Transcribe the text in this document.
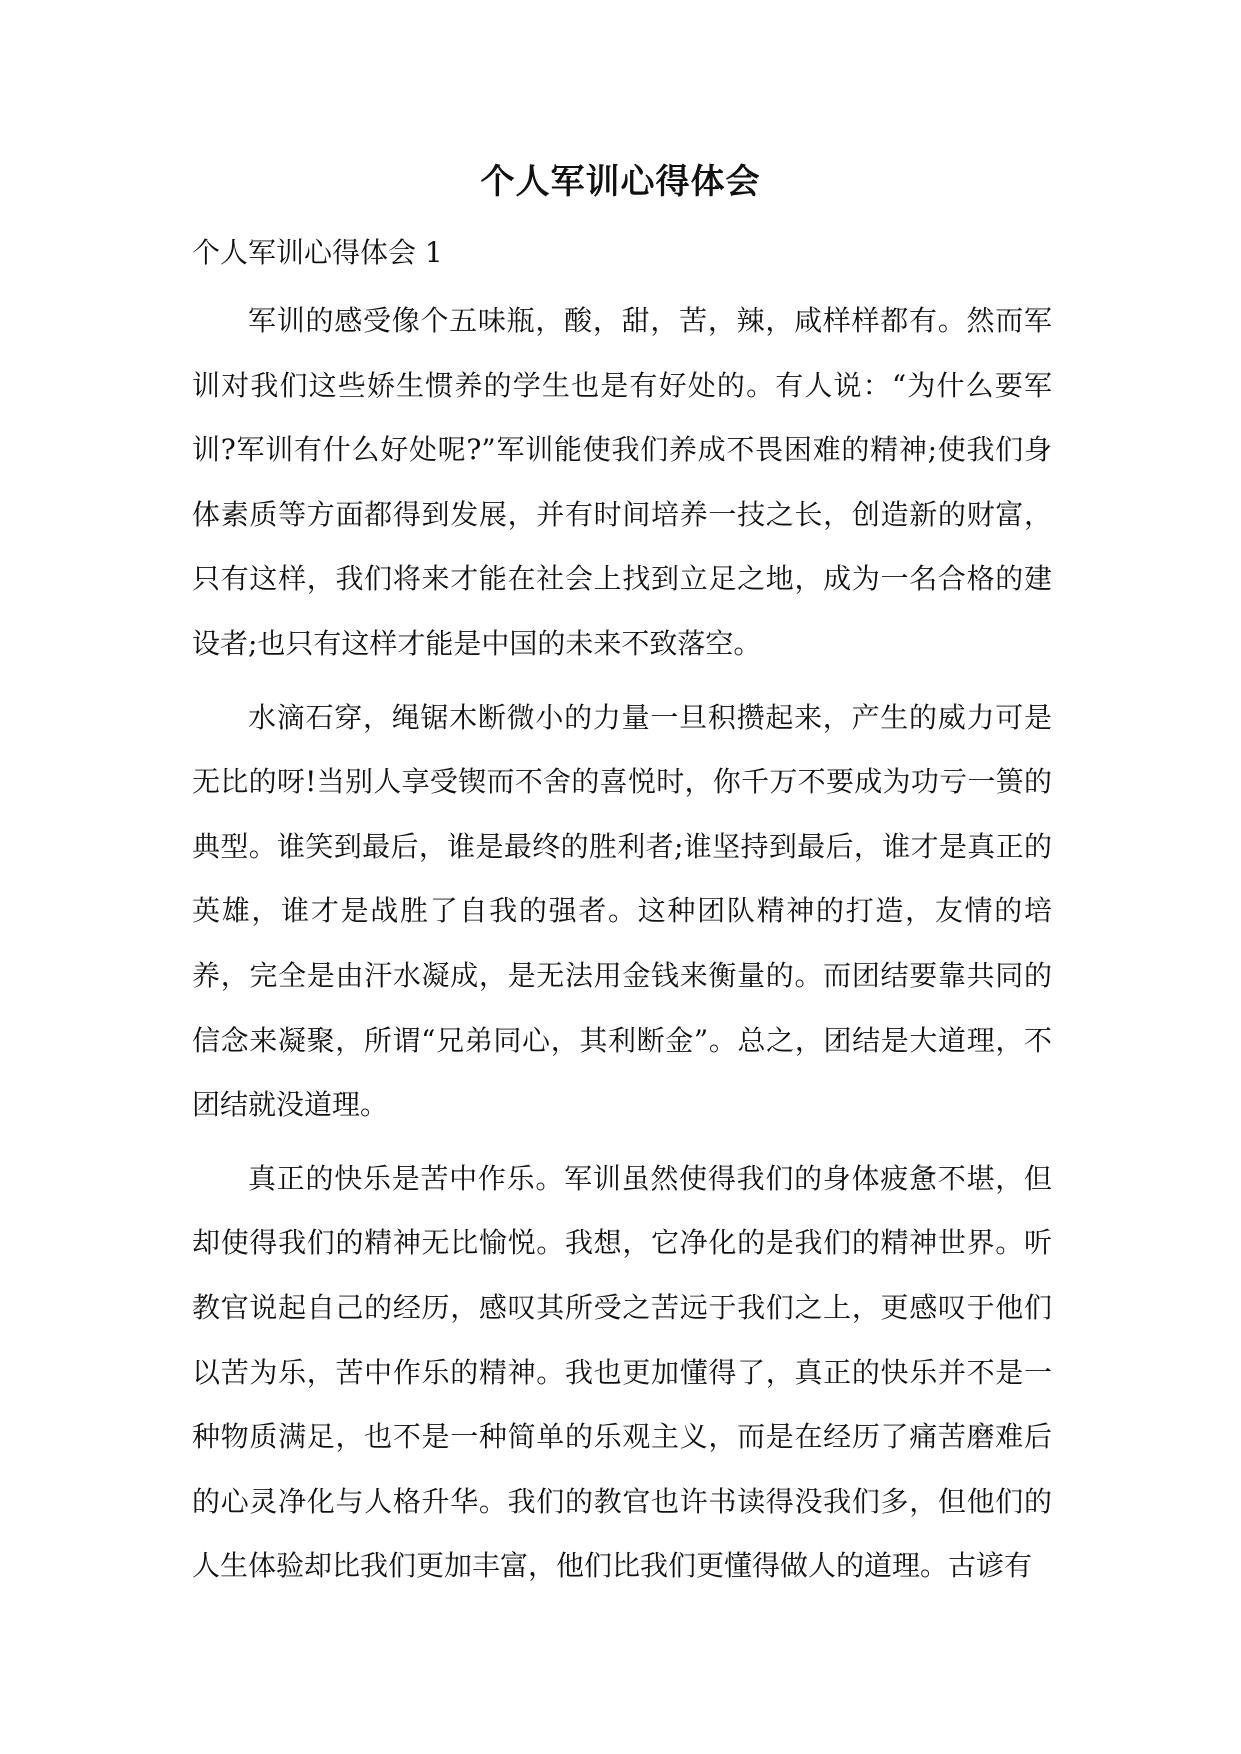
个人军训心得体会

个人军训心得体会 1

军训的感受像个五味瓶，酸，甜，苦，辣，咸样样都有。然而军训对我们这些娇生惯养的学生也是有好处的。有人说：“为什么要军训?军训有什么好处呢?”军训能使我们养成不畏困难的精神;使我们身体素质等方面都得到发展，并有时间培养一技之长，创造新的财富，只有这样，我们将来才能在社会上找到立足之地，成为一名合格的建设者;也只有这样才能是中国的未来不致落空。

水滴石穿，绳锯木断微小的力量一旦积攒起来，产生的威力可是无比的呀!当别人享受锲而不舍的喜悦时，你千万不要成为功亏一篑的典型。谁笑到最后，谁是最终的胜利者;谁坚持到最后，谁才是真正的英雄，谁才是战胜了自我的强者。这种团队精神的打造，友情的培养，完全是由汗水凝成，是无法用金钱来衡量的。而团结要靠共同的信念来凝聚，所谓“兄弟同心，其利断金”。总之，团结是大道理，不团结就没道理。

真正的快乐是苦中作乐。军训虽然使得我们的身体疲惫不堪，但却使得我们的精神无比愉悦。我想，它净化的是我们的精神世界。听教官说起自己的经历，感叹其所受之苦远于我们之上，更感叹于他们以苦为乐，苦中作乐的精神。我也更加懂得了，真正的快乐并不是一种物质满足，也不是一种简单的乐观主义，而是在经历了痛苦磨难后的心灵净化与人格升华。我们的教官也许书读得没我们多，但他们的人生体验却比我们更加丰富，他们比我们更懂得做人的道理。古谚有
